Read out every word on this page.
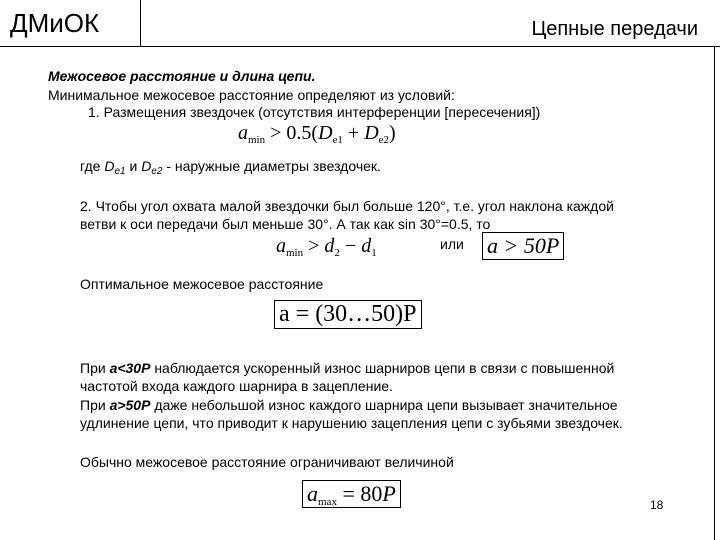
ДМиОК	Цепные передачи
Межосевое расстояние и длина цепи.
Минимальное межосевое расстояние определяют из условий:
1. Размещения звездочек (отсутствия интерференции [пересечения])
$a_{min} > 0.5(D_{e1} + D_{e2})$
где $D_{e1}$ и $D_{e2}$ - наружные диаметры звездочек.
2. Чтобы угол охвата малой звездочки был больше 120°, т.е. угол наклона каждой
ветви к оси передачи был меньше 30°. А так как sin 30°=0.5, то
$a_{min} > d_2 - d_1$
или a > 50P
Оптимальное межосевое расстояние
a = (30…50)P
При a<30P наблюдается ускоренный износ шарниров цепи в связи с повышенной
частотой входа каждого шарнира в зацепление.
При a>50P даже небольшой износ каждого шарнира цепи вызывает значительное
удлинение цепи, что приводит к нарушению зацепления цепи с зубьями звездочек.
Обычно межосевое расстояние ограничивают величиной
$a_{max} = 80P$	18
